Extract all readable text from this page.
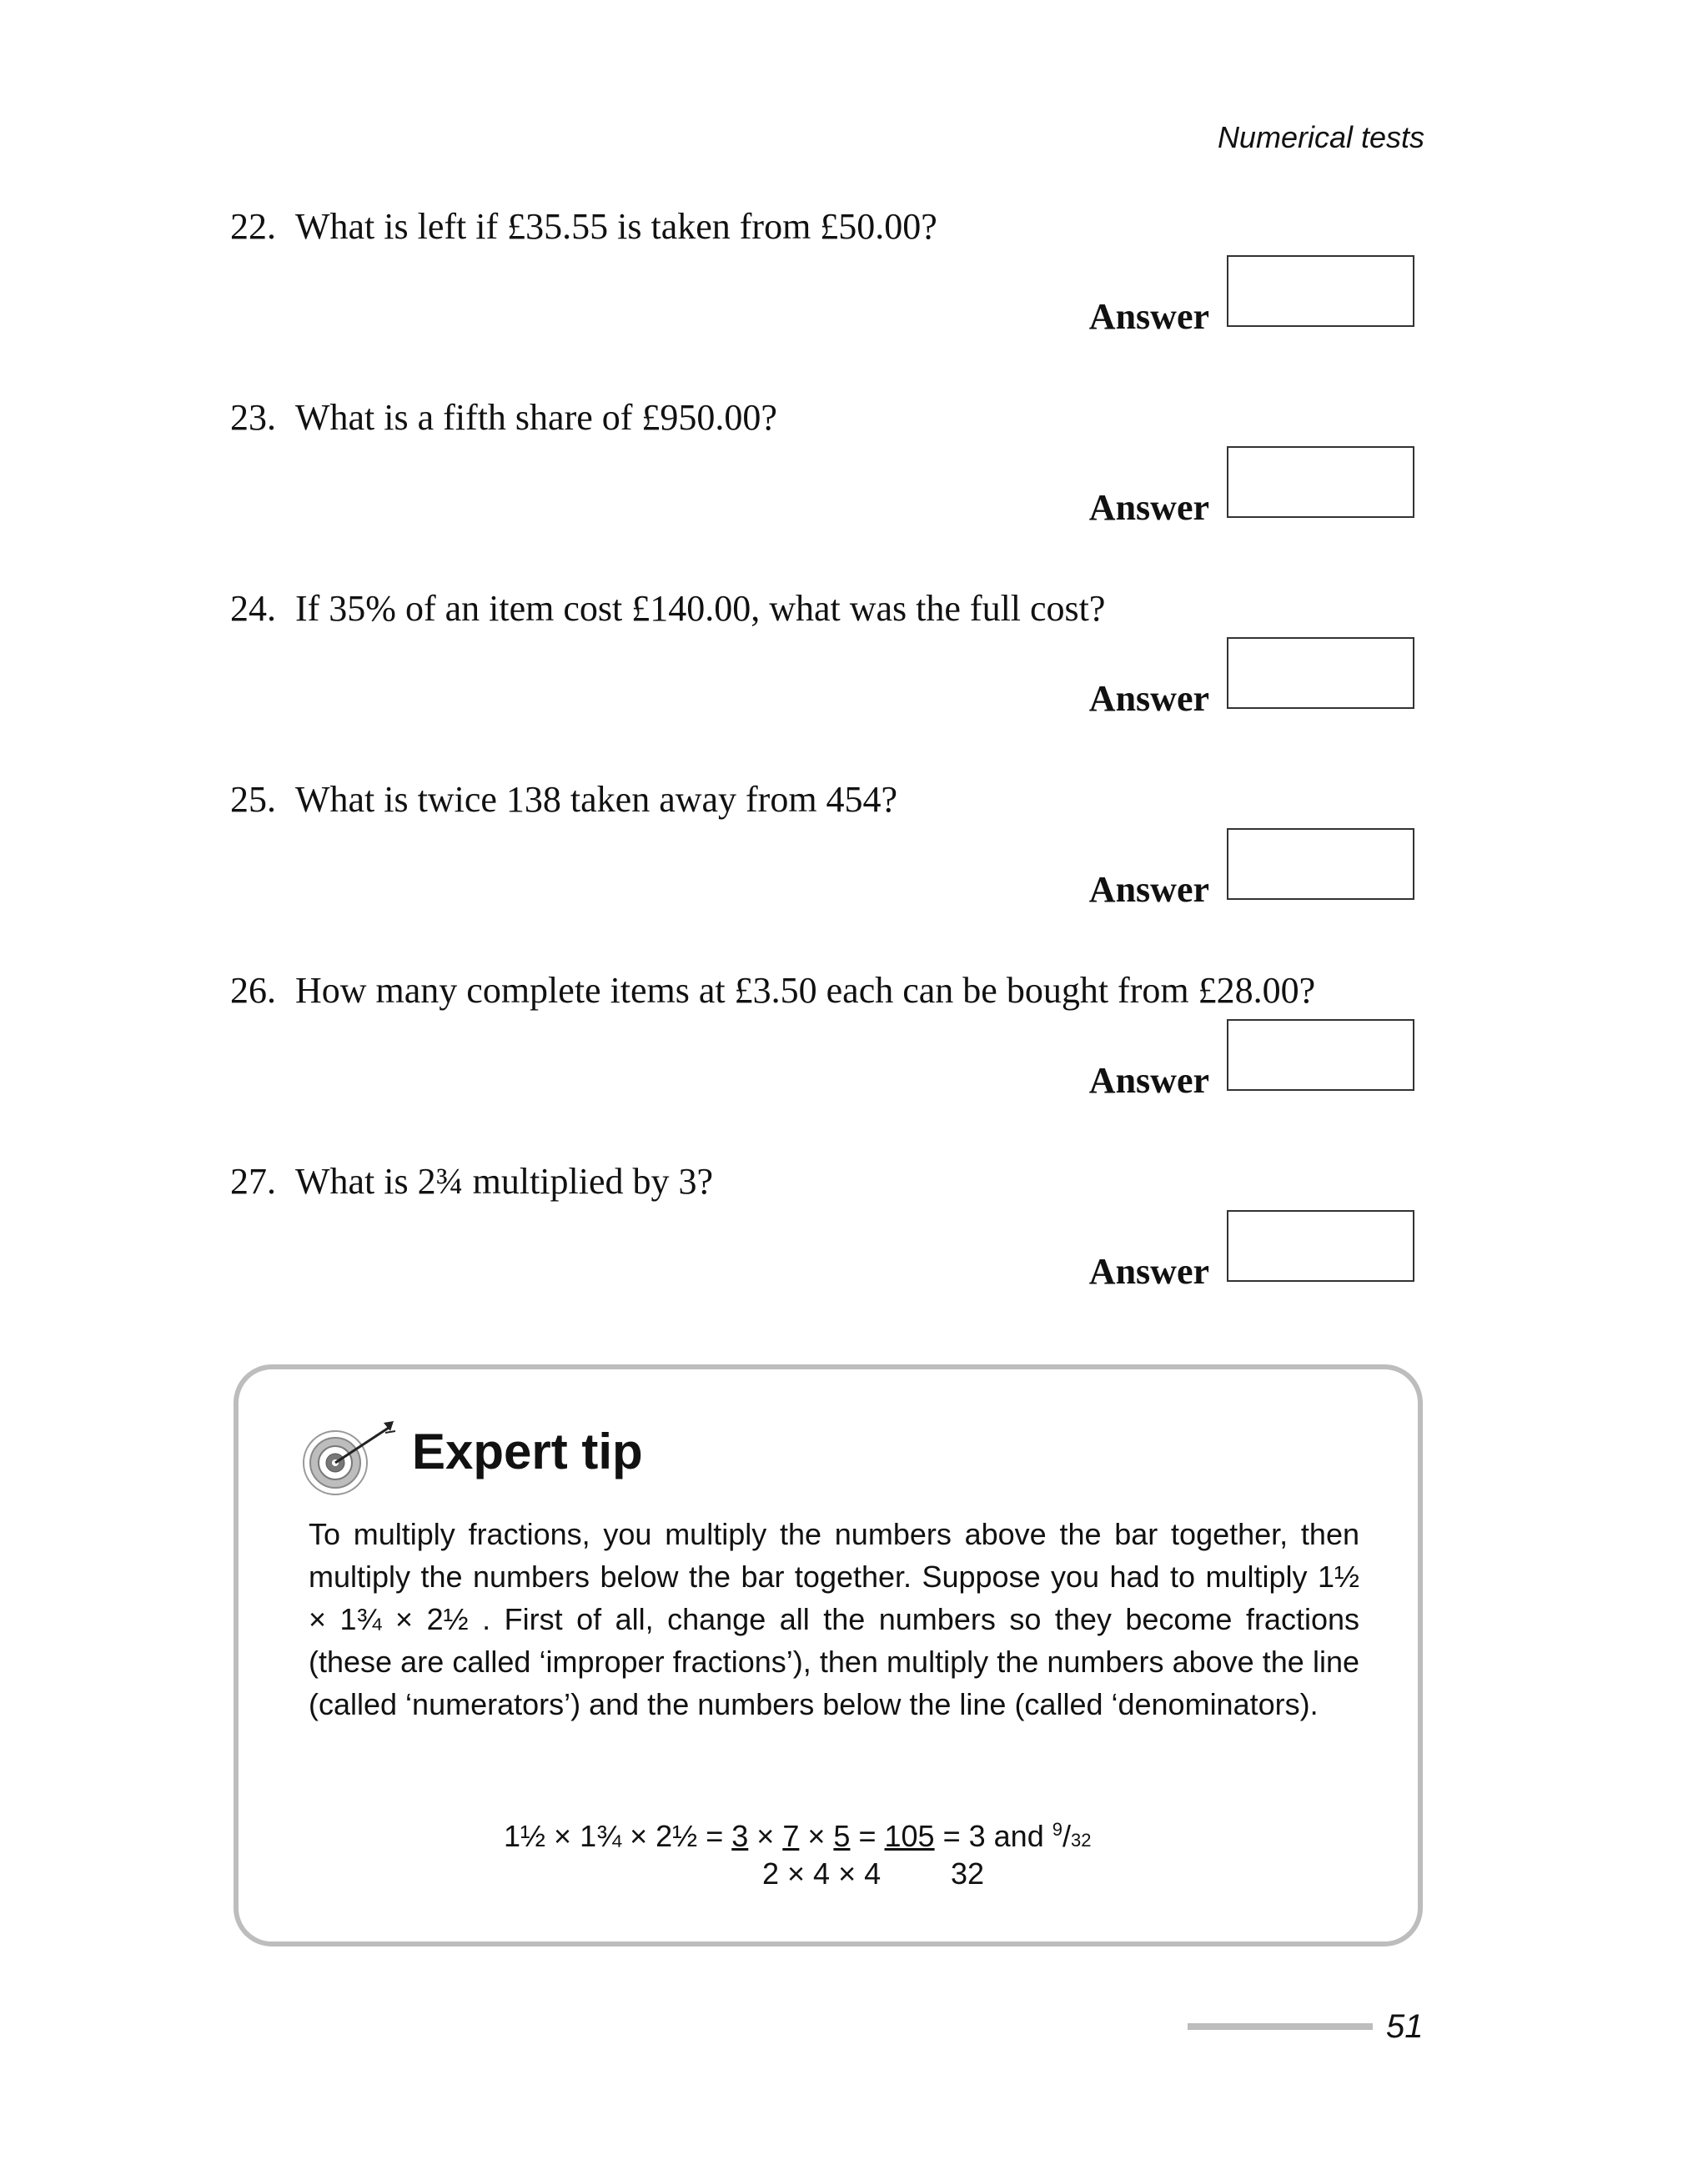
Numerical tests
22. What is left if £35.55 is taken from £50.00?
Answer
23. What is a fifth share of £950.00?
Answer
24. If 35% of an item cost £140.00, what was the full cost?
Answer
25. What is twice 138 taken away from 454?
Answer
26. How many complete items at £3.50 each can be bought from £28.00?
Answer
27. What is 2¾ multiplied by 3?
Answer
Expert tip
To multiply fractions, you multiply the numbers above the bar together, then multiply the numbers below the bar together. Suppose you had to multiply 1½ × 1¾ × 2½ . First of all, change all the numbers so they become fractions (these are called ‘improper fractions’), then multiply the numbers above the line (called ‘numerators’) and the numbers below the line (called ‘denominators).
1½ × 1¾ × 2½ = 3 × 7 × 5 = 105 = 3 and $^9$/32
2 × 4 × 4 32
51
